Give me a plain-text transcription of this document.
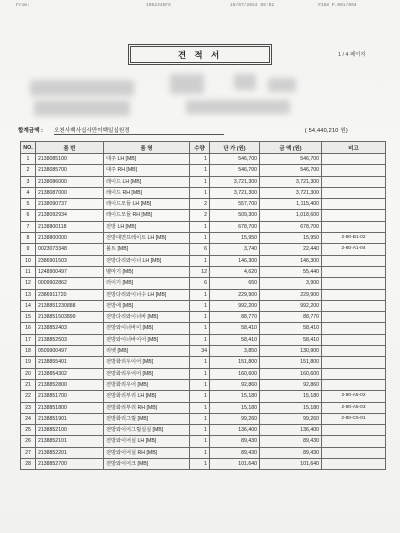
From:	1052345FS	10/07/2024 09:02	#188 P.001/004
견 적 서	1 / 4 페이지
합계금액 : 오천사백사십사만이백일십원정	( 54,440,210 원)
NO.	품 번	품 명	수량	단 가 (원)	금 액 (원)	비고
1	2138085100	대주 LH [MB]	1	546,700	546,700	
2	2138085700	대주 RH [MB]	1	546,700	546,700	
3	2138086000	레이드 LH [MB]	1	3,721,300	3,721,300	
4	2138087000	레이드 RH [MB]	1	3,721,300	3,721,300	
5	2138090737	레이드모듈 LH [MB]	2	557,700	1,115,400	
6	2138092934	레이드모듈 RH [MB]	2	509,300	1,018,600	
7	2138800118	전방 LH [MB]	1	678,700	678,700	
8	2138800000	전방대면프레이트 LH [MB]	1	15,950	15,950	2-80-B1-02
9	0023073348	볼트 [MB]	6	3,740	22,440	2-80-A1-04
10	2386901503	전방다리와이너 LH [MB]	1	146,300	146,300	
11	1248900497	벨마기 [MB]	12	4,620	55,440	
12	0009902862	러이기 [MB]	6	650	3,900	
13	2386911720	전방다리와이너수 LH [MB]	1	229,900	229,900	
14	2138851230888	전방에 [MB]	1	992,200	992,200	
15	2138851503899	전방다리와이너바 [MB]	1	88,770	88,770	
16	2138852403	전방와이너바이 [MB]	1	58,410	58,410	
17	2138852503	전방와이너바이어 [MB]	1	58,410	58,410	
18	0509900497	리벳 [MB]	34	3,850	130,900	
19	2138855401	전방화리우이어 [MB]	1	151,800	151,800	
20	2138854302	전방화리우어어 [MB]	1	160,600	160,600	
21	2138852800	전방화리우어 [MB]	1	92,860	92,860	
22	2138851700	전방화리부리 LH [MB]	1	15,180	15,180	2-80-A5-02
23	2138851800	전방화리부리 RH [MB]	1	15,180	15,180	2-80-A5-03
24	2138851901	전방화리그릴 [MB]	1	99,260	99,260	2-80-C5-01
25	2138852100	전방와이어그릴실실 [MB]	1	136,400	136,400	
26	2138852101	전방와이어실 LH [MB]	1	89,430	89,430	
27	2138852201	전방와이어실 RH [MB]	1	89,430	89,430	
28	2138852700	전방와이어크 [MB]	1	101,640	101,640	
